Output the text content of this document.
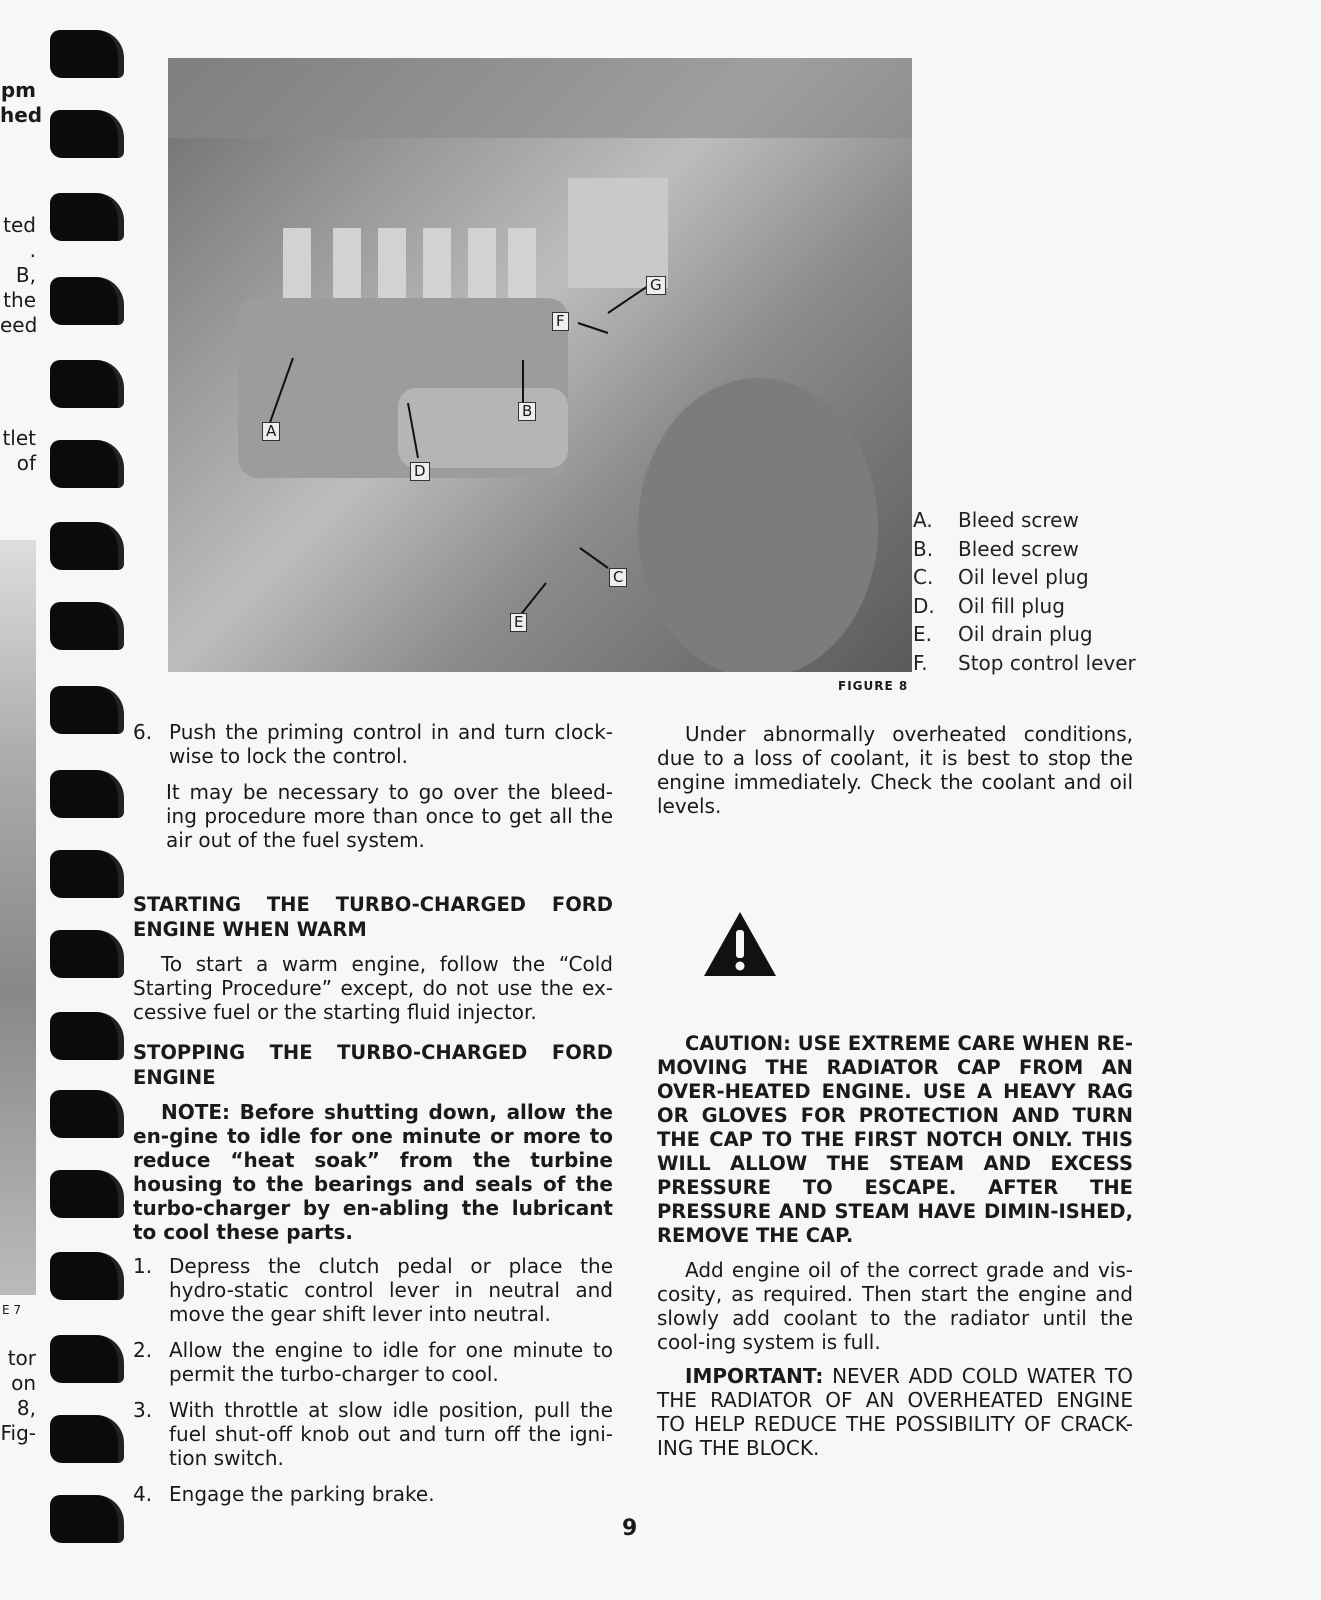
pm
hed
ted
.
B,
the
eed
tlet
of
E 7
tor
on
8,
Fig-
A
B
C
D
E
F
G
A. Bleed screw
B. Bleed screw
C. Oil level plug
D. Oil fill plug
E. Oil drain plug
F. Stop control lever
FIGURE 8
6. Push the priming control in and turn clock-wise to lock the control.

It may be necessary to go over the bleed-ing procedure more than once to get all the air out of the fuel system.

STARTING THE TURBO-CHARGED FORD ENGINE WHEN WARM

To start a warm engine, follow the “Cold Starting Procedure” except, do not use the ex-cessive fuel or the starting fluid injector.

STOPPING THE TURBO-CHARGED FORD ENGINE

NOTE: Before shutting down, allow the en-gine to idle for one minute or more to reduce “heat soak” from the turbine housing to the bearings and seals of the turbo-charger by en-abling the lubricant to cool these parts.

1. Depress the clutch pedal or place the hydro-static control lever in neutral and move the gear shift lever into neutral.
2. Allow the engine to idle for one minute to permit the turbo-charger to cool.
3. With throttle at slow idle position, pull the fuel shut-off knob out and turn off the igni-tion switch.
4. Engage the parking brake.

Under abnormally overheated conditions, due to a loss of coolant, it is best to stop the engine immediately. Check the coolant and oil levels.

CAUTION: USE EXTREME CARE WHEN RE-MOVING THE RADIATOR CAP FROM AN OVER-HEATED ENGINE. USE A HEAVY RAG OR GLOVES FOR PROTECTION AND TURN THE CAP TO THE FIRST NOTCH ONLY. THIS WILL ALLOW THE STEAM AND EXCESS PRESSURE TO ESCAPE. AFTER THE PRESSURE AND STEAM HAVE DIMIN-ISHED, REMOVE THE CAP.

Add engine oil of the correct grade and vis-cosity, as required. Then start the engine and slowly add coolant to the radiator until the cool-ing system is full.

IMPORTANT: NEVER ADD COLD WATER TO THE RADIATOR OF AN OVERHEATED ENGINE TO HELP REDUCE THE POSSIBILITY OF CRACK-ING THE BLOCK.

9
